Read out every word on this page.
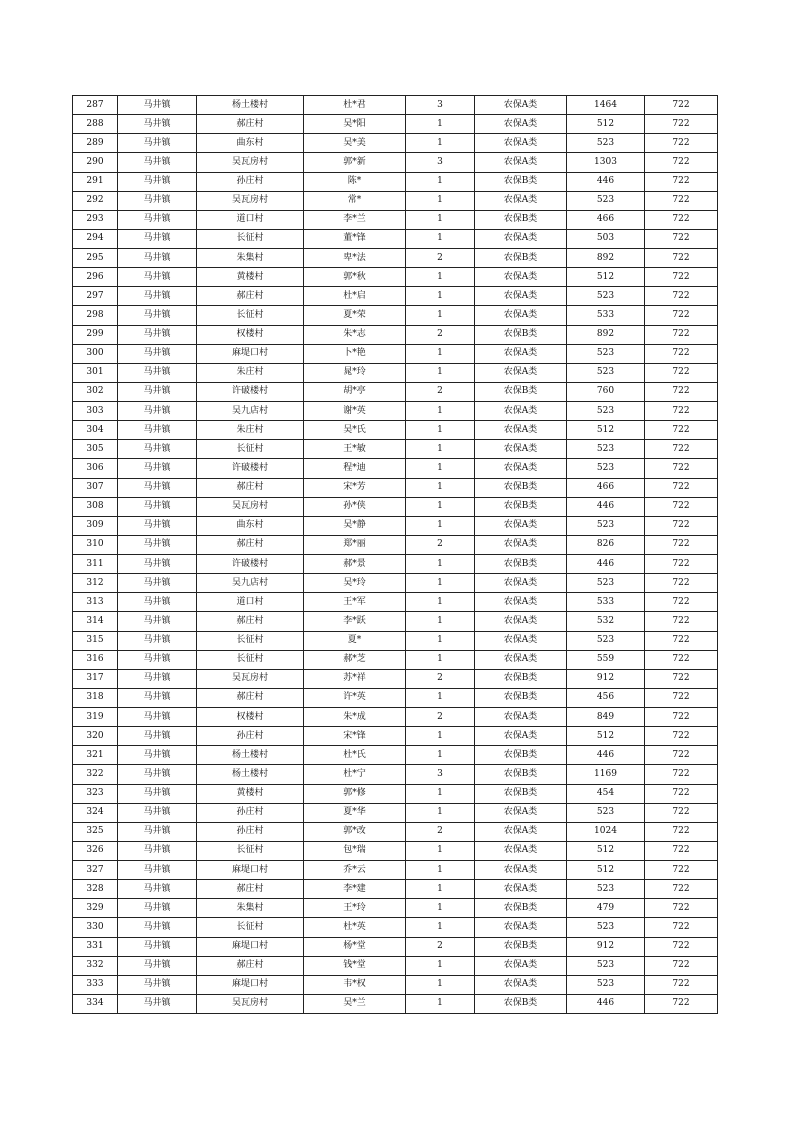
287	马井镇	杨土楼村	杜*君	3	农保A类	1464	722
288	马井镇	郝庄村	吴*阳	1	农保A类	512	722
289	马井镇	曲东村	吴*美	1	农保A类	523	722
290	马井镇	吴瓦房村	郭*新	3	农保A类	1303	722
291	马井镇	孙庄村	陈*	1	农保B类	446	722
292	马井镇	吴瓦房村	常*	1	农保A类	523	722
293	马井镇	道口村	李*兰	1	农保B类	466	722
294	马井镇	长征村	董*锋	1	农保A类	503	722
295	马井镇	朱集村	卑*法	2	农保B类	892	722
296	马井镇	黄楼村	郭*秋	1	农保A类	512	722
297	马井镇	郝庄村	杜*启	1	农保A类	523	722
298	马井镇	长征村	夏*荣	1	农保A类	533	722
299	马井镇	权楼村	朱*志	2	农保B类	892	722
300	马井镇	麻堤口村	卜*艳	1	农保A类	523	722
301	马井镇	朱庄村	晁*玲	1	农保A类	523	722
302	马井镇	许破楼村	胡*亭	2	农保B类	760	722
303	马井镇	吴九店村	谢*英	1	农保A类	523	722
304	马井镇	朱庄村	吴*氏	1	农保A类	512	722
305	马井镇	长征村	王*敏	1	农保A类	523	722
306	马井镇	许破楼村	程*迪	1	农保A类	523	722
307	马井镇	郝庄村	宋*芳	1	农保B类	466	722
308	马井镇	吴瓦房村	孙*侠	1	农保B类	446	722
309	马井镇	曲东村	吴*静	1	农保A类	523	722
310	马井镇	郝庄村	郑*丽	2	农保A类	826	722
311	马井镇	许破楼村	郝*景	1	农保B类	446	722
312	马井镇	吴九店村	吴*玲	1	农保A类	523	722
313	马井镇	道口村	王*军	1	农保A类	533	722
314	马井镇	郝庄村	李*跃	1	农保A类	532	722
315	马井镇	长征村	夏*	1	农保A类	523	722
316	马井镇	长征村	郝*芝	1	农保A类	559	722
317	马井镇	吴瓦房村	苏*祥	2	农保B类	912	722
318	马井镇	郝庄村	许*英	1	农保B类	456	722
319	马井镇	权楼村	朱*成	2	农保A类	849	722
320	马井镇	孙庄村	宋*锋	1	农保A类	512	722
321	马井镇	杨土楼村	杜*氏	1	农保B类	446	722
322	马井镇	杨土楼村	杜*宁	3	农保B类	1169	722
323	马井镇	黄楼村	郭*修	1	农保B类	454	722
324	马井镇	孙庄村	夏*华	1	农保A类	523	722
325	马井镇	孙庄村	郭*改	2	农保A类	1024	722
326	马井镇	长征村	包*瑞	1	农保A类	512	722
327	马井镇	麻堤口村	乔*云	1	农保A类	512	722
328	马井镇	郝庄村	李*建	1	农保A类	523	722
329	马井镇	朱集村	王*玲	1	农保B类	479	722
330	马井镇	长征村	杜*英	1	农保A类	523	722
331	马井镇	麻堤口村	杨*堂	2	农保B类	912	722
332	马井镇	郝庄村	钱*堂	1	农保A类	523	722
333	马井镇	麻堤口村	韦*权	1	农保A类	523	722
334	马井镇	吴瓦房村	吴*兰	1	农保B类	446	722
